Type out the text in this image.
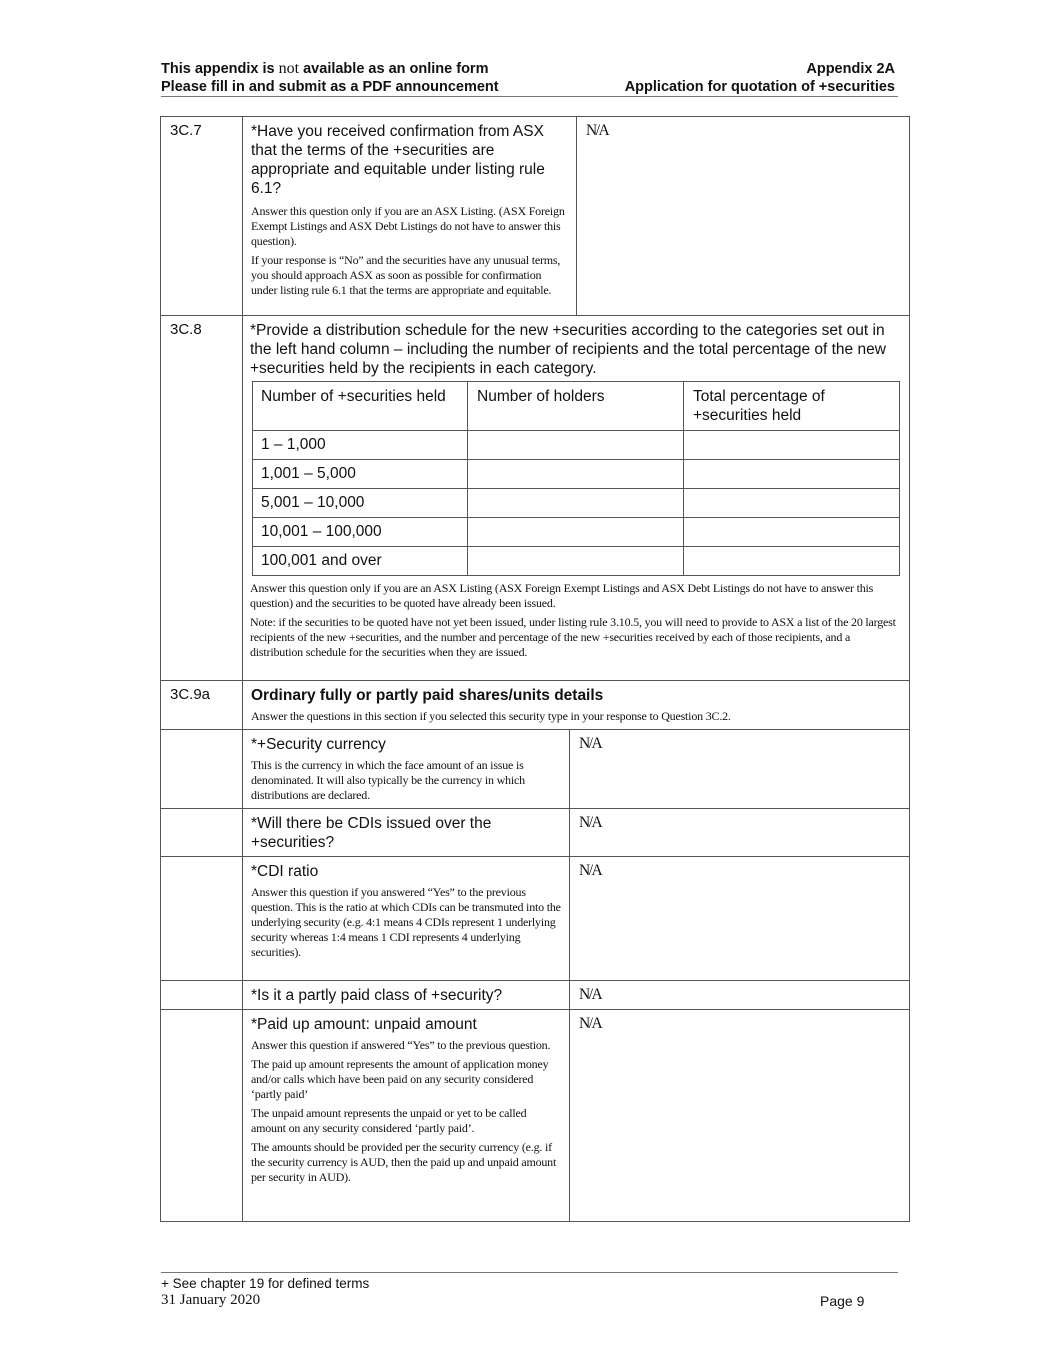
This appendix is not available as an online form
Please fill in and submit as a PDF announcement
Appendix 2A
Application for quotation of +securities
3C.7	*Have you received confirmation from ASX that the terms of the +securities are appropriate and equitable under listing rule 6.1?

Answer this question only if you are an ASX Listing. (ASX Foreign Exempt Listings and ASX Debt Listings do not have to answer this question).

If your response is “No” and the securities have any unusual terms, you should approach ASX as soon as possible for confirmation under listing rule 6.1 that the terms are appropriate and equitable.

N/A
3C.8	*Provide a distribution schedule for the new +securities according to the categories set out in the left hand column – including the number of recipients and the total percentage of the new +securities held by the recipients in each category.
Number of +securities held	Number of holders	Total percentage of +securities held
1 – 1,000
1,001 – 5,000
5,001 – 10,000
10,001 – 100,000
100,001 and over

Answer this question only if you are an ASX Listing (ASX Foreign Exempt Listings and ASX Debt Listings do not have to answer this question) and the securities to be quoted have already been issued.

Note: if the securities to be quoted have not yet been issued, under listing rule 3.10.5, you will need to provide to ASX a list of the 20 largest recipients of the new +securities, and the number and percentage of the new +securities received by each of those recipients, and a distribution schedule for the securities when they are issued.

3C.9a	Ordinary fully or partly paid shares/units details
Answer the questions in this section if you selected this security type in your response to Question 3C.2.

*+Security currency

This is the currency in which the face amount of an issue is denominated. It will also typically be the currency in which distributions are declared.

N/A
*Will there be CDIs issued over the +securities?
N/A

*CDI ratio

Answer this question if you answered “Yes” to the previous question. This is the ratio at which CDIs can be transmuted into the underlying security (e.g. 4:1 means 4 CDIs represent 1 underlying security whereas 1:4 means 1 CDI represents 4 underlying securities).

N/A
*Is it a partly paid class of +security?	N/A

*Paid up amount: unpaid amount

Answer this question if answered “Yes” to the previous question.

The paid up amount represents the amount of application money and/or calls which have been paid on any security considered ‘partly paid’

The unpaid amount represents the unpaid or yet to be called amount on any security considered ‘partly paid’.

The amounts should be provided per the security currency (e.g. if the security currency is AUD, then the paid up and unpaid amount per security in AUD).

N/A
+ See chapter 19 for defined terms
31 January 2020	Page 9
